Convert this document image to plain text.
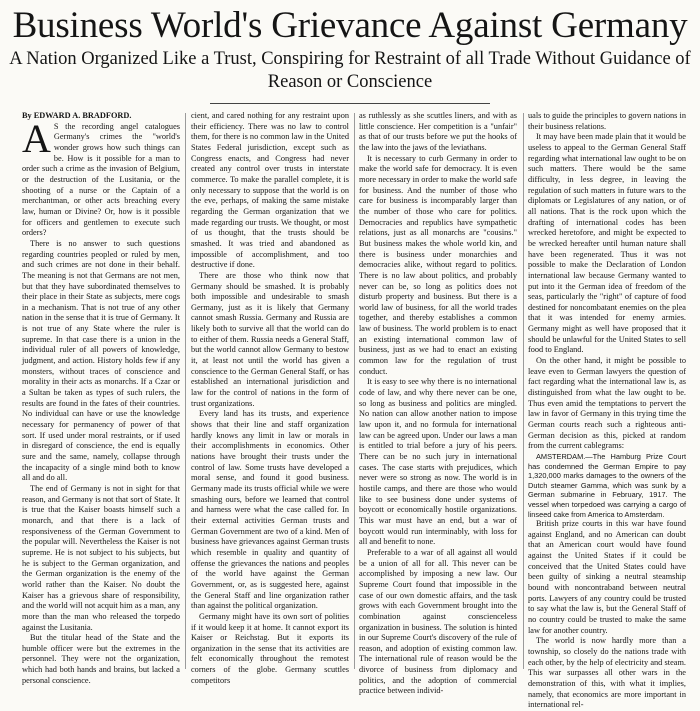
Business World's Grievance Against Germany
A Nation Organized Like a Trust, Conspiring for Restraint of all Trade Without Guidance of Reason or Conscience

By EDWARD A. BRADFORD.

A S the recording angel catalogues Germany's crimes the "world's wonder grows how such things can be. How is it possible for a man to order such a crime as the invasion of Belgium, or the destruction of the Lusitania, or the shooting of a nurse or the Captain of a merchantman, or other acts breaching every law, human or Divine? Or, how is it possible for officers and gentlemen to execute such orders?

There is no answer to such questions regarding countries peopled or ruled by men, and such crimes are not done in their behalf. The meaning is not that Germans are not men, but that they have subordinated themselves to their place in their State as subjects, mere cogs in a mechanism. That is not true of any other nation in the sense that it is true of Germany. It is not true of any State where the ruler is supreme. In that case there is a union in the individual ruler of all powers of knowledge, judgment, and action. History holds few if any monsters, without traces of conscience and morality in their acts as monarchs. If a Czar or a Sultan be taken as types of such rulers, the results are found in the fates of their countries. No individual can have or use the knowledge necessary for permanency of power of that sort. If used under moral restraints, or if used in disregard of conscience, the end is equally sure and the same, namely, collapse through the incapacity of a single mind both to know all and do all.

The end of Germany is not in sight for that reason, and Germany is not that sort of State. It is true that the Kaiser boasts himself such a monarch, and that there is a lack of responsiveness of the German Government to the popular will. Nevertheless the Kaiser is not supreme. He is not subject to his subjects, but he is subject to the German organization, and the German organization is the enemy of the world rather than the Kaiser. No doubt the Kaiser has a grievous share of responsibility, and the world will not acquit him as a man, any more than the man who released the torpedo against the Lusitania.

But the titular head of the State and the humble officer were but the extremes in the personnel. They were not the organization, which had both hands and brains, but lacked a personal conscience.

cient, and cared nothing for any restraint upon their efficiency. There was no law to control them, for there is no common law in the United States Federal jurisdiction, except such as Congress enacts, and Congress had never created any control over trusts in interstate commerce. To make the parallel complete, it is only necessary to suppose that the world is on the eve, perhaps, of making the same mistake regarding the German organization that we made regarding our trusts. We thought, or most of us thought, that the trusts should be smashed. It was tried and abandoned as impossible of accomplishment, and too destructive if done.

There are those who think now that Germany should be smashed. It is probably both impossible and undesirable to smash Germany, just as it is likely that Germany cannot smash Russia. Germany and Russia are likely both to survive all that the world can do to either of them. Russia needs a General Staff, but the world cannot allow Germany to bestow it, at least not until the world has given a conscience to the German General Staff, or has established an international jurisdiction and law for the control of nations in the form of trust organizations.

Every land has its trusts, and experience shows that their line and staff organization hardly knows any limit in law or morals in their accomplishments in economics. Other nations have brought their trusts under the control of law. Some trusts have developed a moral sense, and found it good business. Germany made its trusts official while we were smashing ours, before we learned that control and harness were what the case called for. In their external activities German trusts and German Government are two of a kind. Men of business have grievances against German trusts which resemble in quality and quantity of offense the grievances the nations and peoples of the world have against the German Government, or, as is suggested here, against the General Staff and line organization rather than against the political organization.

Germany might have its own sort of polities if it would keep it at home. It cannot export its Kaiser or Reichstag. But it exports its organization in the sense that its activities are felt economically throughout the remotest corners of the globe. Germany scuttles competitors

as ruthlessly as she scuttles liners, and with as little conscience. Her competition is a "unfair" as that of our trusts before we put the hooks of the law into the jaws of the leviathans.

It is necessary to curb Germany in order to make the world safe for democracy. It is even more necessary in order to make the world safe for business. And the number of those who care for business is incomparably larger than the number of those who care for politics. Democracies and republics have sympathetic relations, just as all monarchs are "cousins." But business makes the whole world kin, and there is business under monarchies and democracies alike, without regard to politics. There is no law about politics, and probably never can be, so long as politics does not disturb property and business. But there is a world law of business, for all the world trades together, and thereby establishes a common law of business. The world problem is to enact an existing international common law of business, just as we had to enact an existing common law for the regulation of trust conduct.

It is easy to see why there is no international code of law, and why there never can be one, so long as business and politics are mingled. No nation can allow another nation to impose law upon it, and no formula for international law can be agreed upon. Under our laws a man is entitled to trial before a jury of his peers. There can be no such jury in international cases. The case starts with prejudices, which never were so strong as now. The world is in hostile camps, and there are those who would like to see business done under systems of boycott or economically hostile organizations. This war must have an end, but a war of boycott would run interminably, with loss for all and benefit to none.

Preferable to a war of all against all would be a union of all for all. This never can be accomplished by imposing a new law. Our Supreme Court found that impossible in the case of our own domestic affairs, and the task grows with each Government brought into the combination against conscienceless organization in business. The solution is hinted in our Supreme Court's discovery of the rule of reason, and adoption of existing common law. The international rule of reason would be the divorce of business from diplomacy and politics, and the adoption of commercial practice between individ-

uals to guide the principles to govern nations in their business relations.

It may have been made plain that it would be useless to appeal to the German General Staff regarding what international law ought to be on such matters. There would be the same difficulty, in less degree, in leaving the regulation of such matters in future wars to the diplomats or Legislatures of any nation, or of all nations. That is the rock upon which the drafting of international codes has been wrecked heretofore, and might be expected to be wrecked hereafter until human nature shall have been regenerated. Thus it was not possible to make the Declaration of London international law because Germany wanted to put into it the German idea of freedom of the seas, particularly the "right" of capture of food destined for noncombatant enemies on the plea that it was intended for enemy armies. Germany might as well have proposed that it should be unlawful for the United States to sell food to England.

On the other hand, it might be possible to leave even to German lawyers the question of fact regarding what the international law is, as distinguished from what the law ought to be. Thus even amid the temptations to pervert the law in favor of Germany in this trying time the German courts reach such a righteous anti-German decision as this, picked at random from the current cablegrams:

AMSTERDAM.—The Hamburg Prize Court has condemned the German Empire to pay 1,320,000 marks damages to the owners of the Dutch steamer Gamma, which was sunk by a German submarine in February, 1917. The vessel when torpedoed was carrying a cargo of linseed cake from America to Amsterdam.

British prize courts in this war have found against England, and no American can doubt that an American court would have found against the United States if it could be conceived that the United States could have been guilty of sinking a neutral steamship bound with noncontraband between neutral ports. Lawyers of any country could be trusted to say what the law is, but the General Staff of no country could be trusted to make the same law for another country.

The world is now hardly more than a township, so closely do the nations trade with each other, by the help of electricity and steam. This war surpasses all other wars in the demonstration of this, with what it implies, namely, that economics are more important in international rel-
